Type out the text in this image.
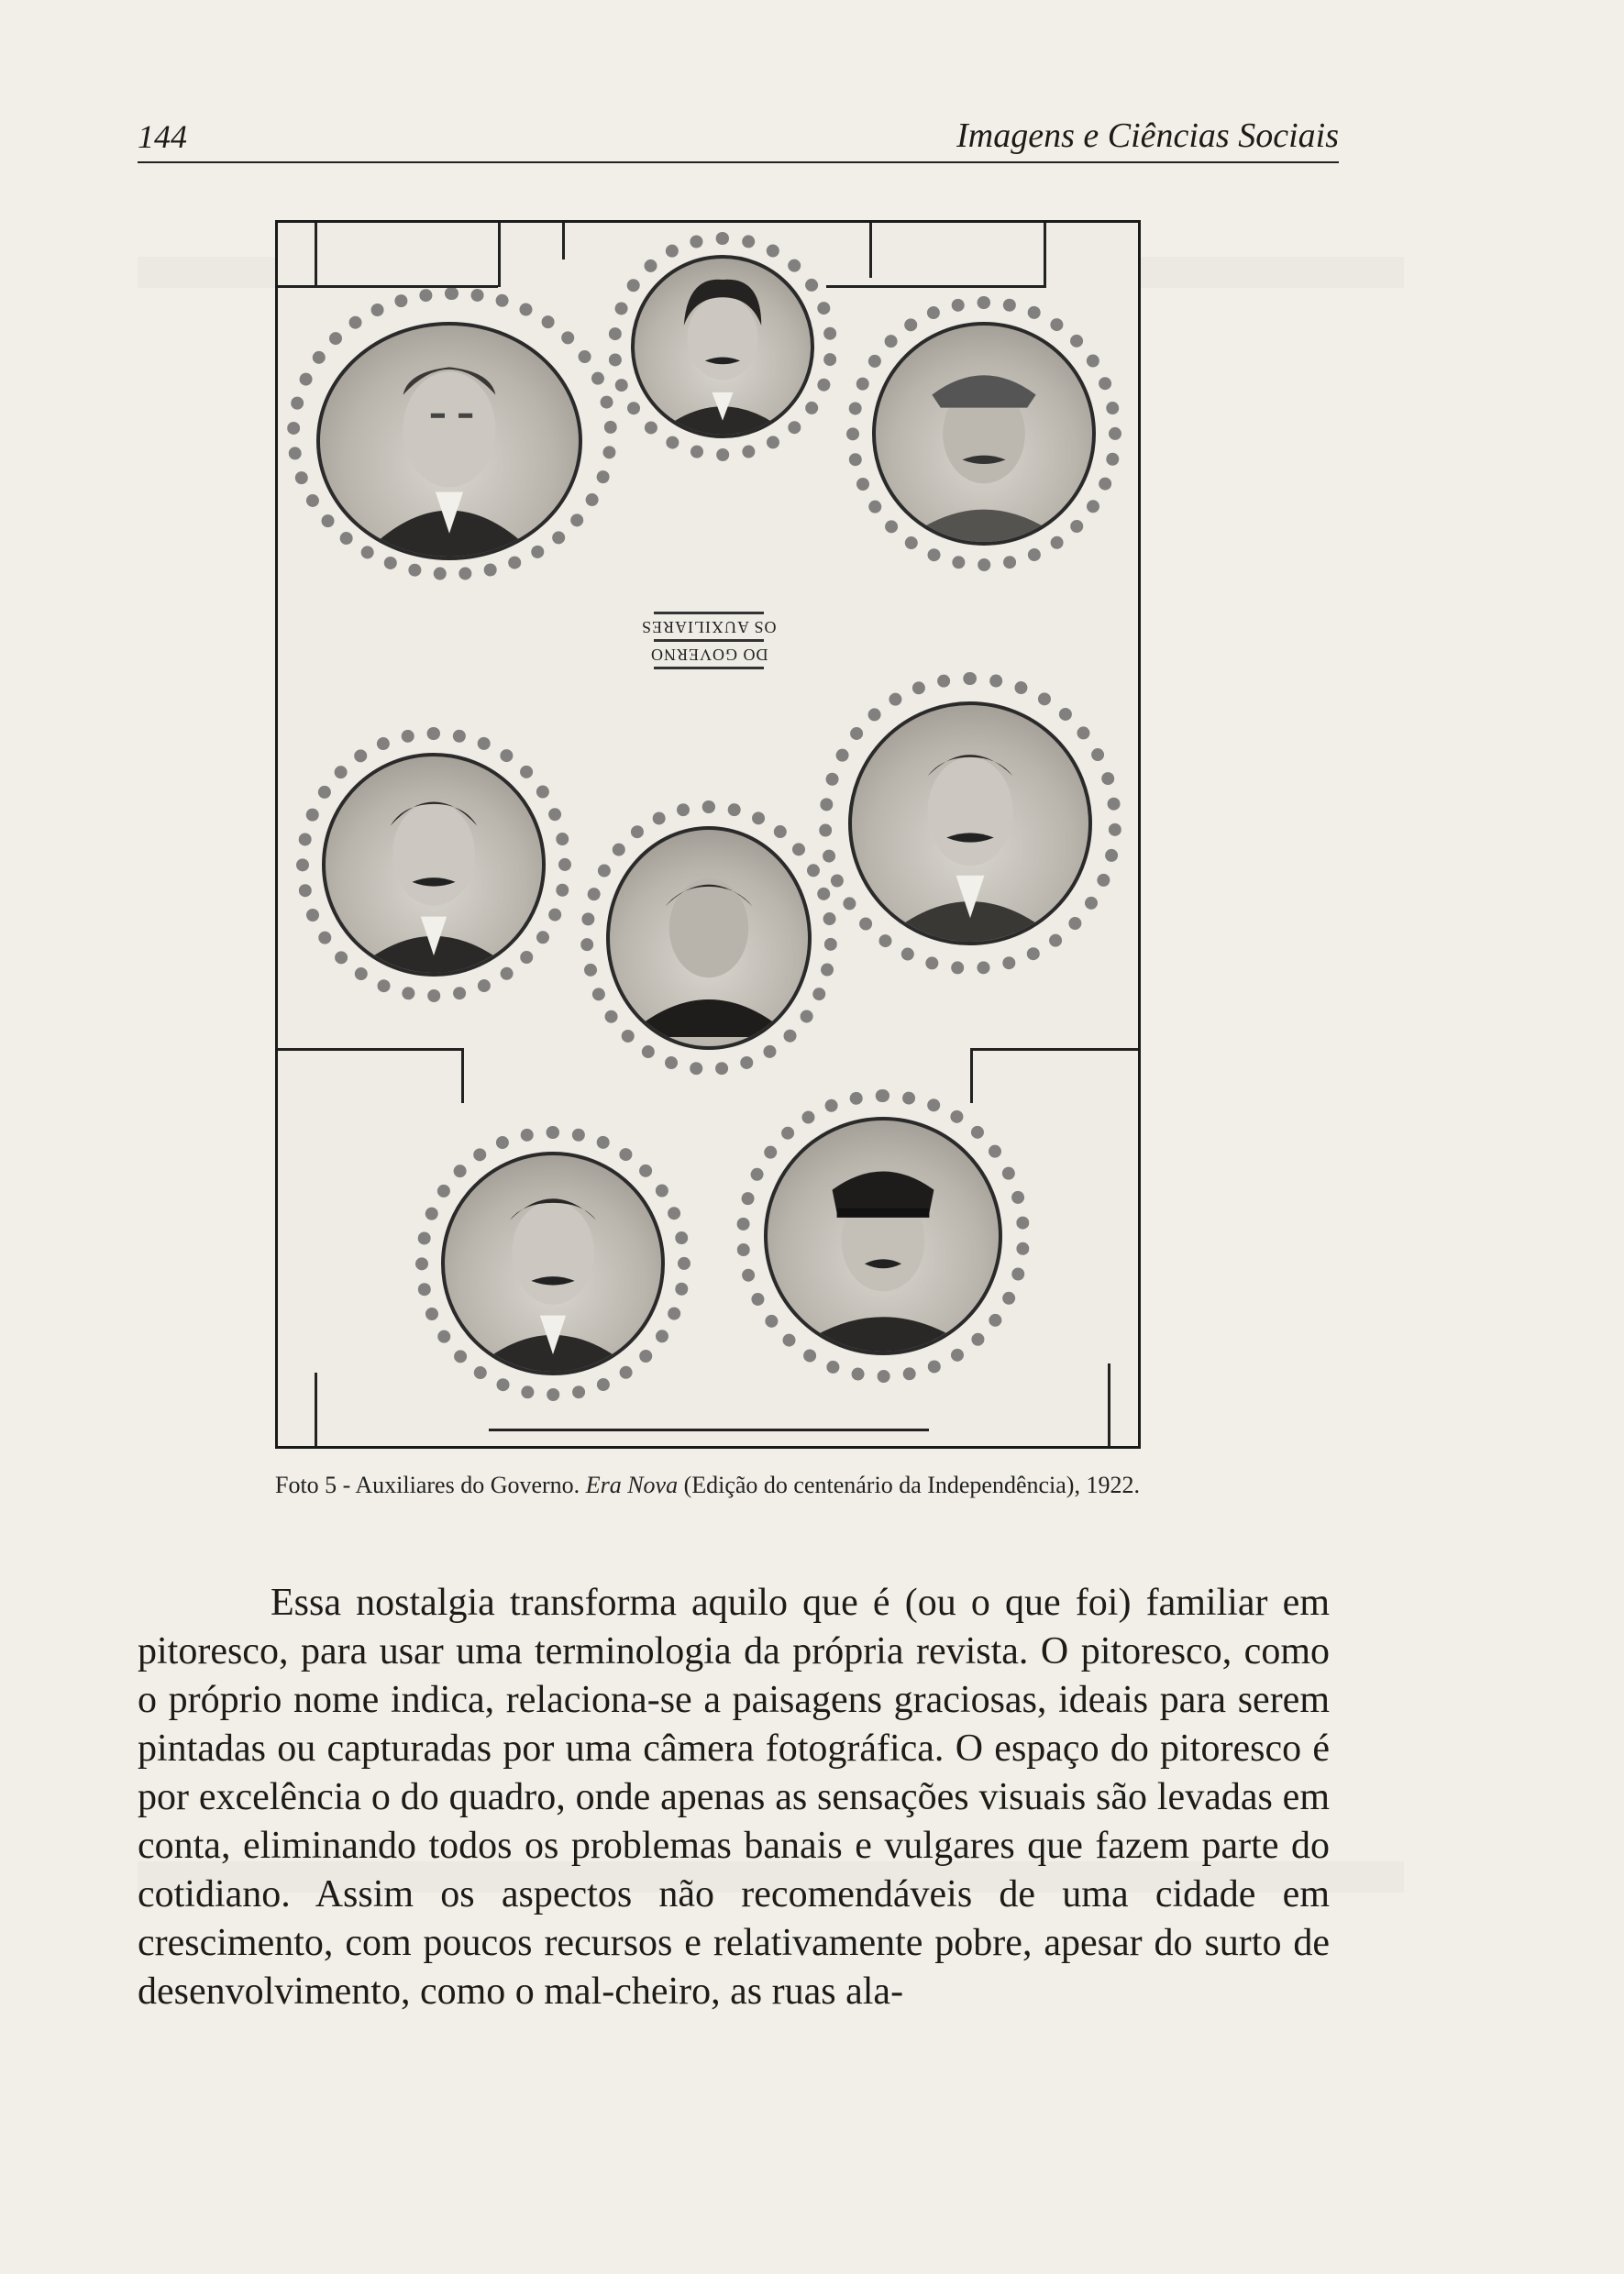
144	Imagens e Ciências Sociais
OS AUXILIARES
DO GOVERNO
Foto 5 - Auxiliares do Governo. Era Nova (Edição do centenário da Independência), 1922.

Essa nostalgia transforma aquilo que é (ou o que foi) familiar em pitoresco, para usar uma terminologia da própria revista. O pitoresco, como o próprio nome indica, relaciona-se a paisagens graciosas, ideais para serem pintadas ou capturadas por uma câmera fotográfica. O espaço do pitoresco é por excelência o do quadro, onde apenas as sensações visuais são levadas em conta, eliminando todos os problemas banais e vulgares que fazem parte do cotidiano. Assim os aspectos não recomendáveis de uma cidade em crescimento, com poucos recursos e relativamente pobre, apesar do surto de desenvolvimento, como o mal-cheiro, as ruas ala-
